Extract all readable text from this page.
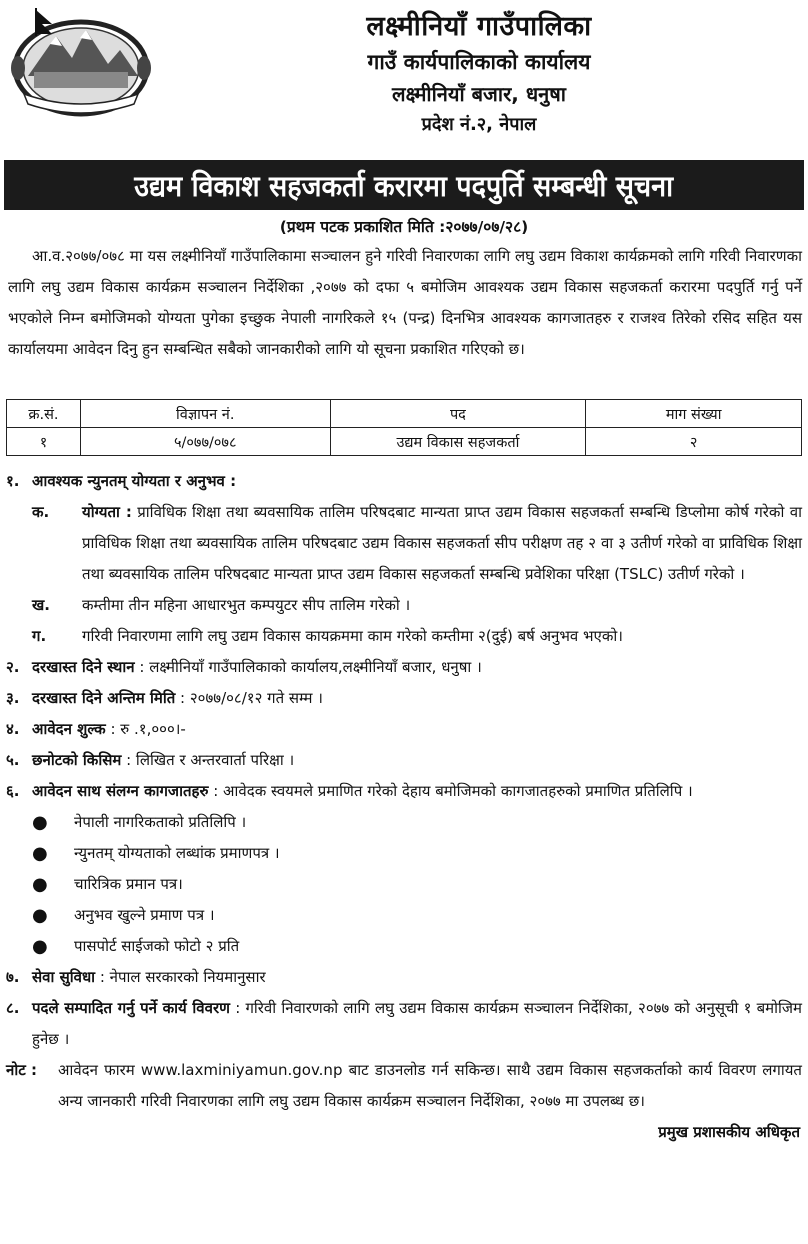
लक्ष्मीनियाँ गाउँपालिका
गाउँ कार्यपालिकाको कार्यालय
लक्ष्मीनियाँ बजार, धनुषा
प्रदेश नं.२, नेपाल
उद्यम विकाश सहजकर्ता करारमा पदपुर्ति सम्बन्धी सूचना
(प्रथम पटक प्रकाशित मिति :२०७७/०७/२८)

आ.व.२०७७/०७८ मा यस लक्ष्मीनियाँ गाउँपालिकामा सञ्चालन हुने गरिवी निवारणका लागि लघु उद्यम विकाश कार्यक्रमको लागि गरिवी निवारणका लागि लघु उद्यम विकास कार्यक्रम सञ्चालन निर्देशिका ,२०७७ को दफा ५ बमोजिम आवश्यक उद्यम विकास सहजकर्ता करारमा पदपुर्ति गर्नु पर्ने भएकोले निम्न बमोजिमको योग्यता पुगेका इच्छुक नेपाली नागरिकले १५ (पन्द्र) दिनभित्र आवश्यक कागजातहरु र राजश्व तिरेको रसिद सहित यस कार्यालयमा आवेदन दिनु हुन सम्बन्धित सबैको जानकारीको लागि यो सूचना प्रकाशित गरिएको छ।

क्र.सं.	विज्ञापन नं.	पद	माग संख्या
१	५/०७७/०७८	उद्यम विकास सहजकर्ता	२
१. आवश्यक न्युनतम् योग्यता र अनुभव :
क.	योग्यता : प्राविधिक शिक्षा तथा ब्यवसायिक तालिम परिषदबाट मान्यता प्राप्त उद्यम विकास सहजकर्ता सम्बन्धि डिप्लोमा कोर्ष गरेको वा प्राविधिक शिक्षा तथा ब्यवसायिक तालिम परिषदबाट उद्यम विकास सहजकर्ता सीप परीक्षण तह २ वा ३ उतीर्ण गरेको वा प्राविधिक शिक्षा तथा ब्यवसायिक तालिम परिषदबाट मान्यता प्राप्त उद्यम विकास सहजकर्ता सम्बन्धि प्रवेशिका परिक्षा (TSLC) उतीर्ण गरेको ।
ख.	कम्तीमा तीन महिना आधारभुत कम्पयुटर सीप तालिम गरेको ।
ग.	गरिवी निवारणमा लागि लघु उद्यम विकास कायक्रममा काम गरेको कम्तीमा २(दुई) बर्ष अनुभव भएको।
२. दरखास्त दिने स्थान : लक्ष्मीनियाँ गाउँपालिकाको कार्यालय,लक्ष्मीनियाँ बजार, धनुषा ।
३. दरखास्त दिने अन्तिम मिति : २०७७/०८/१२ गते सम्म ।
४. आवेदन शुल्क : रु .१,०००।-
५. छनोटको किसिम : लिखित र अन्तरवार्ता परिक्षा ।
६. आवेदन साथ संलग्न कागजातहरु : आवेदक स्वयमले प्रमाणित गरेको देहाय बमोजिमको कागजातहरुको प्रमाणित प्रतिलिपि ।
●	नेपाली नागरिकताको प्रतिलिपि ।
●	न्युनतम् योग्यताको लब्धांक प्रमाणपत्र ।
●	चारित्रिक प्रमान पत्र।
●	अनुभव खुल्ने प्रमाण पत्र ।
●	पासपोर्ट साईजको फोटो २ प्रति
७. सेवा सुविधा : नेपाल सरकारको नियमानुसार
८. पदले सम्पादित गर्नु पर्ने कार्य विवरण : गरिवी निवारणको लागि लघु उद्यम विकास कार्यक्रम सञ्चालन निर्देशिका, २०७७ को अनुसूची १ बमोजिम हुनेछ ।
नोट :	आवेदन फारम www.laxminiyamun.gov.np बाट डाउनलोड गर्न सकिन्छ। साथै उद्यम विकास सहजकर्ताको कार्य विवरण लगायत अन्य जानकारी गरिवी निवारणका लागि लघु उद्यम विकास कार्यक्रम सञ्चालन निर्देशिका, २०७७ मा उपलब्ध छ।
प्रमुख प्रशासकीय अधिकृत
